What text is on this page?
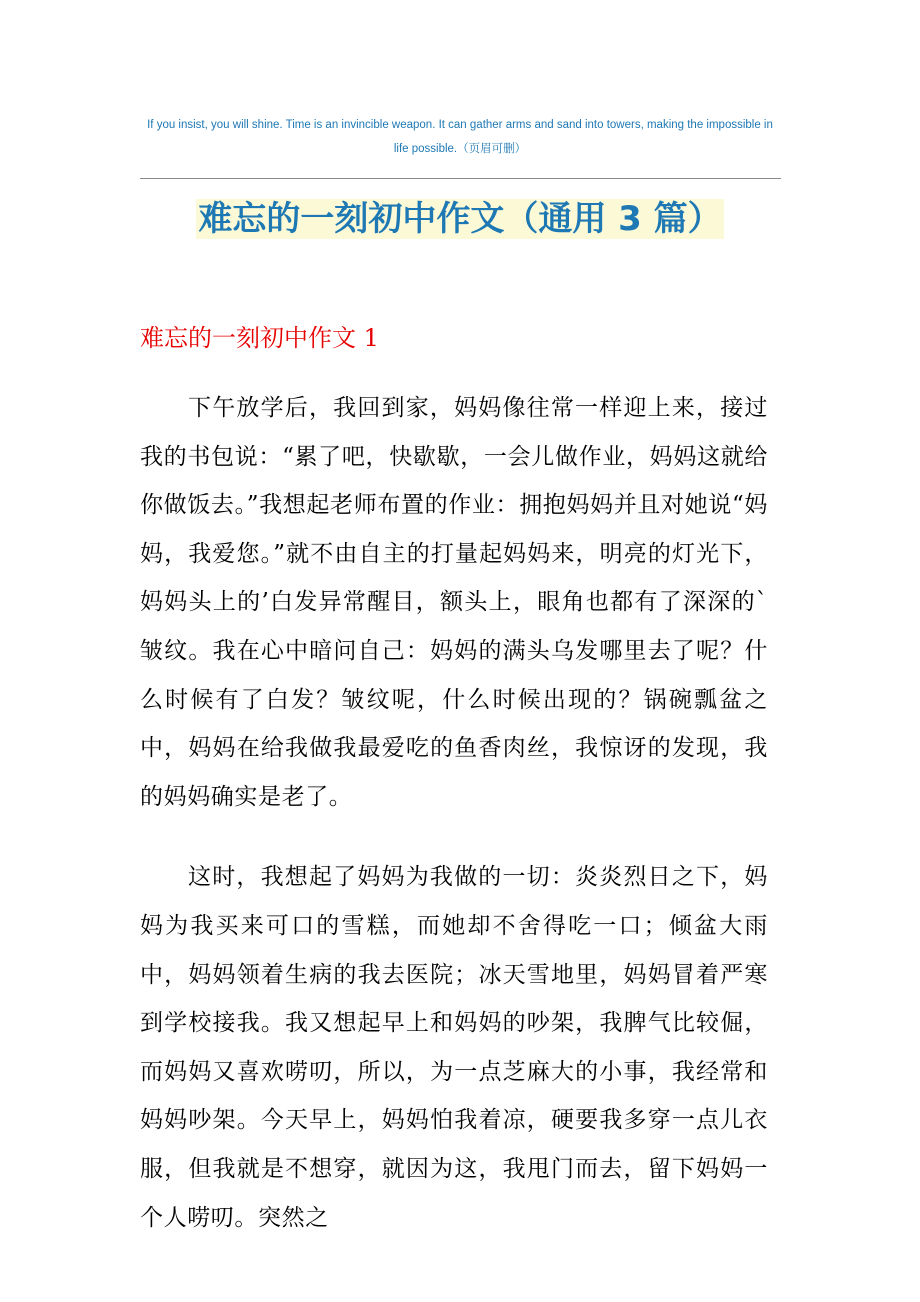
If you insist, you will shine. Time is an invincible weapon. It can gather arms and sand into towers, making the impossible in life possible.（页眉可删）
难忘的一刻初中作文（通用 3 篇）
难忘的一刻初中作文 1

下午放学后，我回到家，妈妈像往常一样迎上来，接过我的书包说：“累了吧，快歇歇，一会儿做作业，妈妈这就给你做饭去。”我想起老师布置的作业：拥抱妈妈并且对她说“妈妈，我爱您。”就不由自主的打量起妈妈来，明亮的灯光下，妈妈头上的’白发异常醒目，额头上，眼角也都有了深深的`皱纹。我在心中暗问自己：妈妈的满头乌发哪里去了呢？什么时候有了白发？皱纹呢，什么时候出现的？锅碗瓢盆之中，妈妈在给我做我最爱吃的鱼香肉丝，我惊讶的发现，我的妈妈确实是老了。

这时，我想起了妈妈为我做的一切：炎炎烈日之下，妈妈为我买来可口的雪糕，而她却不舍得吃一口；倾盆大雨中，妈妈领着生病的我去医院；冰天雪地里，妈妈冒着严寒到学校接我。我又想起早上和妈妈的吵架，我脾气比较倔，而妈妈又喜欢唠叨，所以，为一点芝麻大的小事，我经常和妈妈吵架。今天早上，妈妈怕我着凉，硬要我多穿一点儿衣服，但我就是不想穿，就因为这，我甩门而去，留下妈妈一个人唠叨。突然之
